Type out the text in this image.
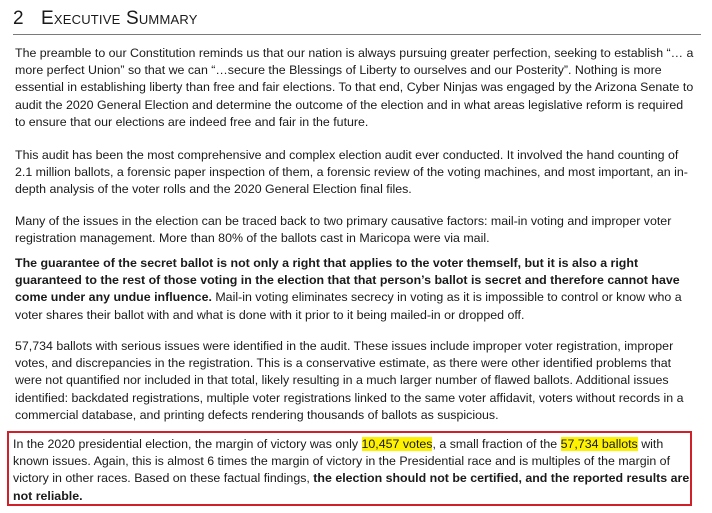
2 Executive Summary

The preamble to our Constitution reminds us that our nation is always pursuing greater perfection, seeking to establish “… a more perfect Union” so that we can “…secure the Blessings of Liberty to ourselves and our Posterity”. Nothing is more essential in establishing liberty than free and fair elections. To that end, Cyber Ninjas was engaged by the Arizona Senate to audit the 2020 General Election and determine the outcome of the election and in what areas legislative reform is required to ensure that our elections are indeed free and fair in the future.

This audit has been the most comprehensive and complex election audit ever conducted. It involved the hand counting of 2.1 million ballots, a forensic paper inspection of them, a forensic review of the voting machines, and most important, an in-depth analysis of the voter rolls and the 2020 General Election final files.

Many of the issues in the election can be traced back to two primary causative factors: mail-in voting and improper voter registration management. More than 80% of the ballots cast in Maricopa were via mail.

The guarantee of the secret ballot is not only a right that applies to the voter themself, but it is also a right guaranteed to the rest of those voting in the election that that person’s ballot is secret and therefore cannot have come under any undue influence. Mail-in voting eliminates secrecy in voting as it is impossible to control or know who a voter shares their ballot with and what is done with it prior to it being mailed-in or dropped off.

57,734 ballots with serious issues were identified in the audit. These issues include improper voter registration, improper votes, and discrepancies in the registration. This is a conservative estimate, as there were other identified problems that were not quantified nor included in that total, likely resulting in a much larger number of flawed ballots. Additional issues identified: backdated registrations, multiple voter registrations linked to the same voter affidavit, voters without records in a commercial database, and printing defects rendering thousands of ballots as suspicious.

In the 2020 presidential election, the margin of victory was only 10,457 votes, a small fraction of the 57,734 ballots with known issues. Again, this is almost 6 times the margin of victory in the Presidential race and is multiples of the margin of victory in other races. Based on these factual findings, the election should not be certified, and the reported results are not reliable.
